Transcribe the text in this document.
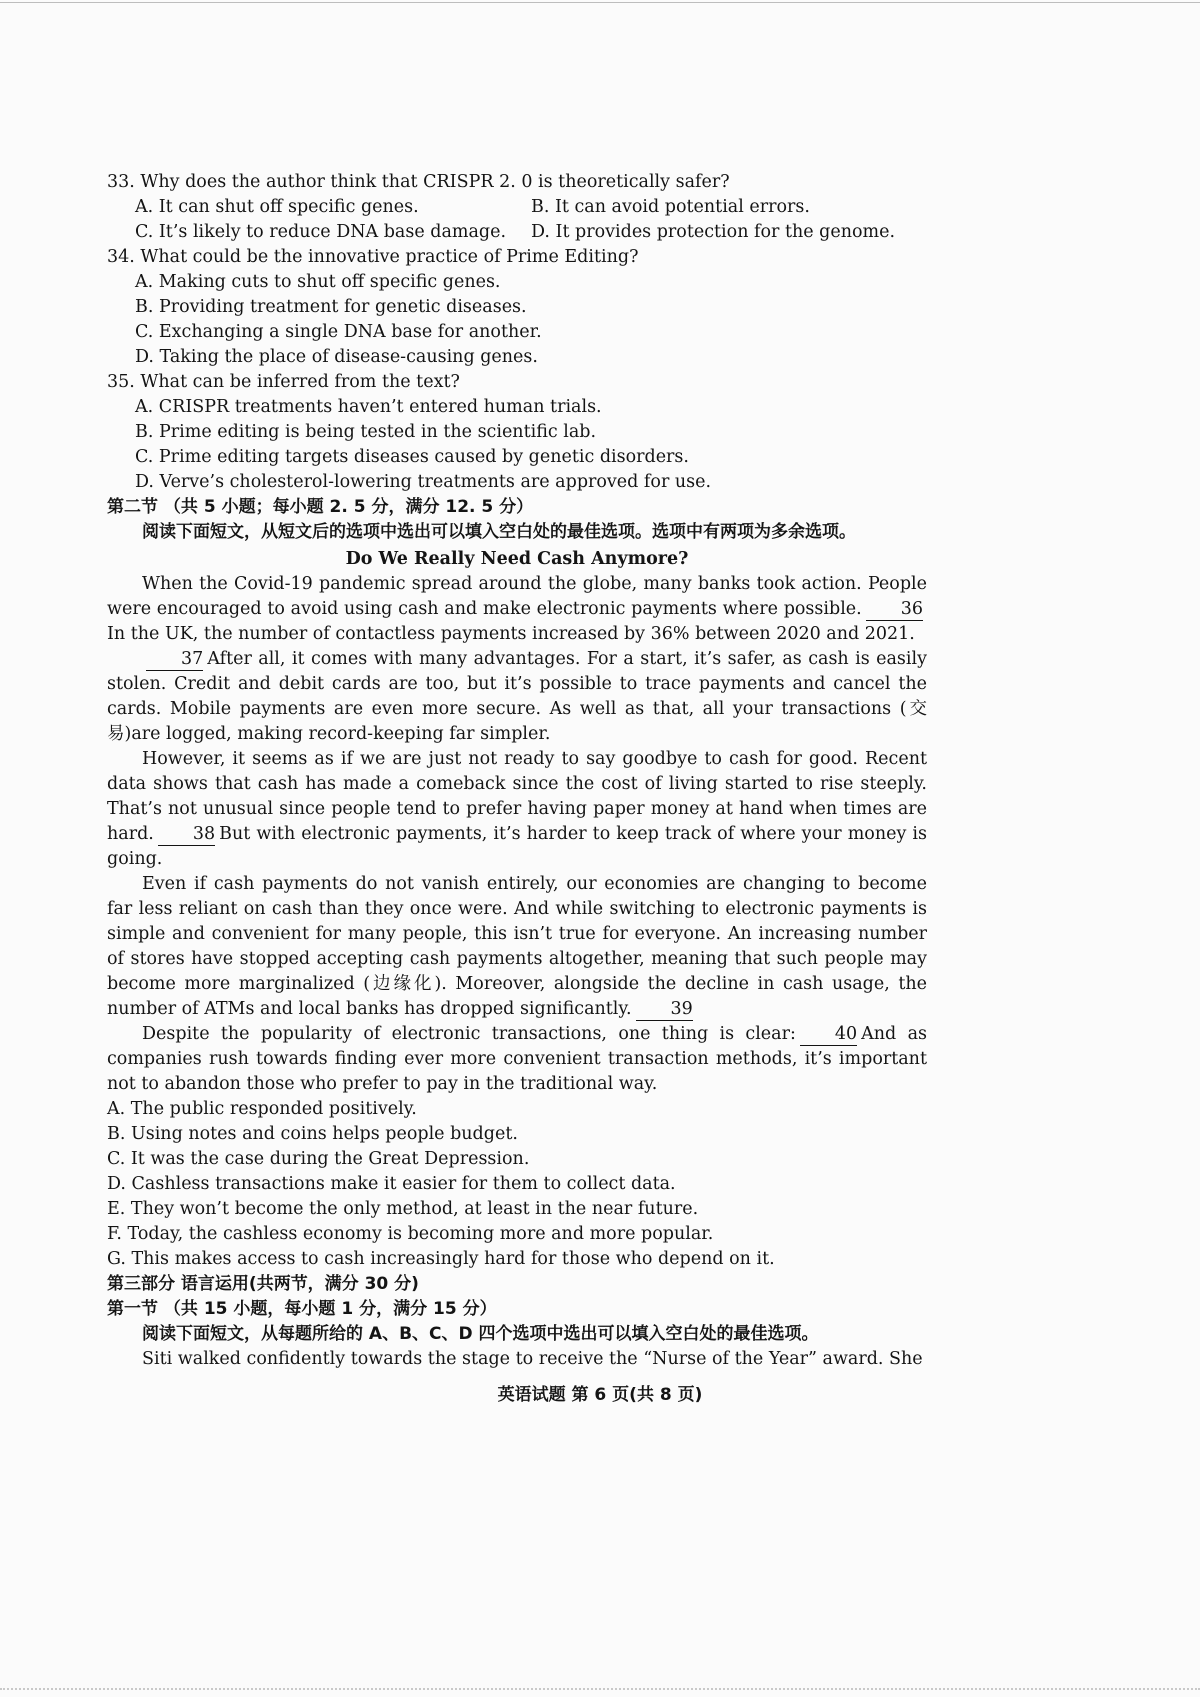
33. Why does the author think that CRISPR 2. 0 is theoretically safer?

A. It can shut off specific genes.	B. It can avoid potential errors.
C. It’s likely to reduce DNA base damage.	D. It provides protection for the genome.

34. What could be the innovative practice of Prime Editing?

A. Making cuts to shut off specific genes.

B. Providing treatment for genetic diseases.

C. Exchanging a single DNA base for another.

D. Taking the place of disease-causing genes.

35. What can be inferred from the text?

A. CRISPR treatments haven’t entered human trials.

B. Prime editing is being tested in the scientific lab.

C. Prime editing targets diseases caused by genetic disorders.

D. Verve’s cholesterol-lowering treatments are approved for use.

第二节 （共 5 小题；每小题 2. 5 分，满分 12. 5 分）

阅读下面短文，从短文后的选项中选出可以填入空白处的最佳选项。选项中有两项为多余选项。

Do We Really Need Cash Anymore?

When the Covid-19 pandemic spread around the globe, many banks took action. People were encouraged to avoid using cash and make electronic payments where possible. 36In the UK, the number of contactless payments increased by 36% between 2020 and 2021.

37 After all, it comes with many advantages. For a start, it’s safer, as cash is easily stolen. Credit and debit cards are too, but it’s possible to trace payments and cancel the cards. Mobile payments are even more secure. As well as that, all your transactions (交易)are logged, making record-keeping far simpler.

However, it seems as if we are just not ready to say goodbye to cash for good. Recent data shows that cash has made a comeback since the cost of living started to rise steeply. That’s not unusual since people tend to prefer having paper money at hand when times are hard. 38 But with electronic payments, it’s harder to keep track of where your money is going.

Even if cash payments do not vanish entirely, our economies are changing to become far less reliant on cash than they once were. And while switching to electronic payments is simple and convenient for many people, this isn’t true for everyone. An increasing number of stores have stopped accepting cash payments altogether, meaning that such people may become more marginalized (边缘化). Moreover, alongside the decline in cash usage, the number of ATMs and local banks has dropped significantly. 39

Despite the popularity of electronic transactions, one thing is clear: 40 And as companies rush towards finding ever more convenient transaction methods, it’s important not to abandon those who prefer to pay in the traditional way.

A. The public responded positively.

B. Using notes and coins helps people budget.

C. It was the case during the Great Depression.

D. Cashless transactions make it easier for them to collect data.

E. They won’t become the only method, at least in the near future.

F. Today, the cashless economy is becoming more and more popular.

G. This makes access to cash increasingly hard for those who depend on it.

第三部分 语言运用(共两节，满分 30 分)

第一节 （共 15 小题，每小题 1 分，满分 15 分）

阅读下面短文，从每题所给的 A、B、C、D 四个选项中选出可以填入空白处的最佳选项。

Siti walked confidently towards the stage to receive the “Nurse of the Year” award. She

英语试题 第 6 页(共 8 页)
